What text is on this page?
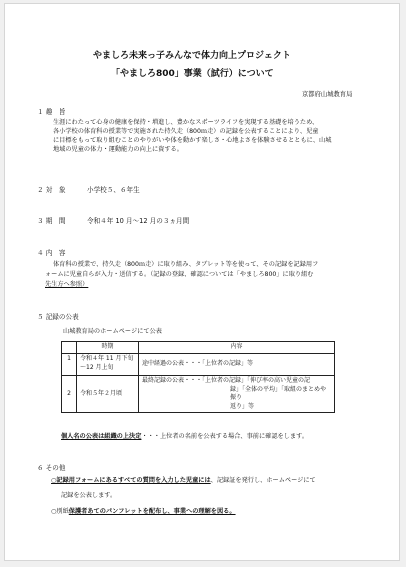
やましろ未来っ子みんなで体力向上プロジェクト
「やましろ800」事業（試行）について
京都府山城教育局
１ 趣　旨
生涯にわたって心身の健康を保持・増進し、豊かなスポーツライフを実現する基礎を培うため、
各小学校の体育科の授業等で実施された持久走（800ｍ走）の記録を公表することにより、児童
に目標をもって取り組むことのやりがいや体を動かす楽しさ・心地よさを体験させるとともに、山城
地域の児童の体力・運動能力の向上に資する。
２ 対　象	小学校５、６年生
３ 期　間	令和４年 10 月～12 月の３ヵ月間
４ 内　容
体育科の授業で、持久走（800ｍ走）に取り組み、タブレット等を使って、その記録を記録用フ
ォームに児童自らが入力・送信する。（記録の登録、確認については「やましろ800」に取り組む
先生方へ参照）
５ 記録の公表
山城教育局のホームページにて公表
	時期	内容
1	令和４年 11 月下旬
～12 月上旬	途中経過の公表・・・「上位者の記録」等

2	令和５年２月頃	最終記録の公表・・・「上位者の記録」「伸び率の高い児童の記
録」「全体の平均」「取組のまとめや振り
返り」等
個人名の公表は組織の上決定・・・上位者の名前を公表する場合、事前に確認をします。
６ その他
○記録用フォームにあるすべての質問を入力した児童には、記録証を発行し、ホームページにて
記録を公表します。
○別紙保護者あてのパンフレットを配布し、事業への理解を図る。
